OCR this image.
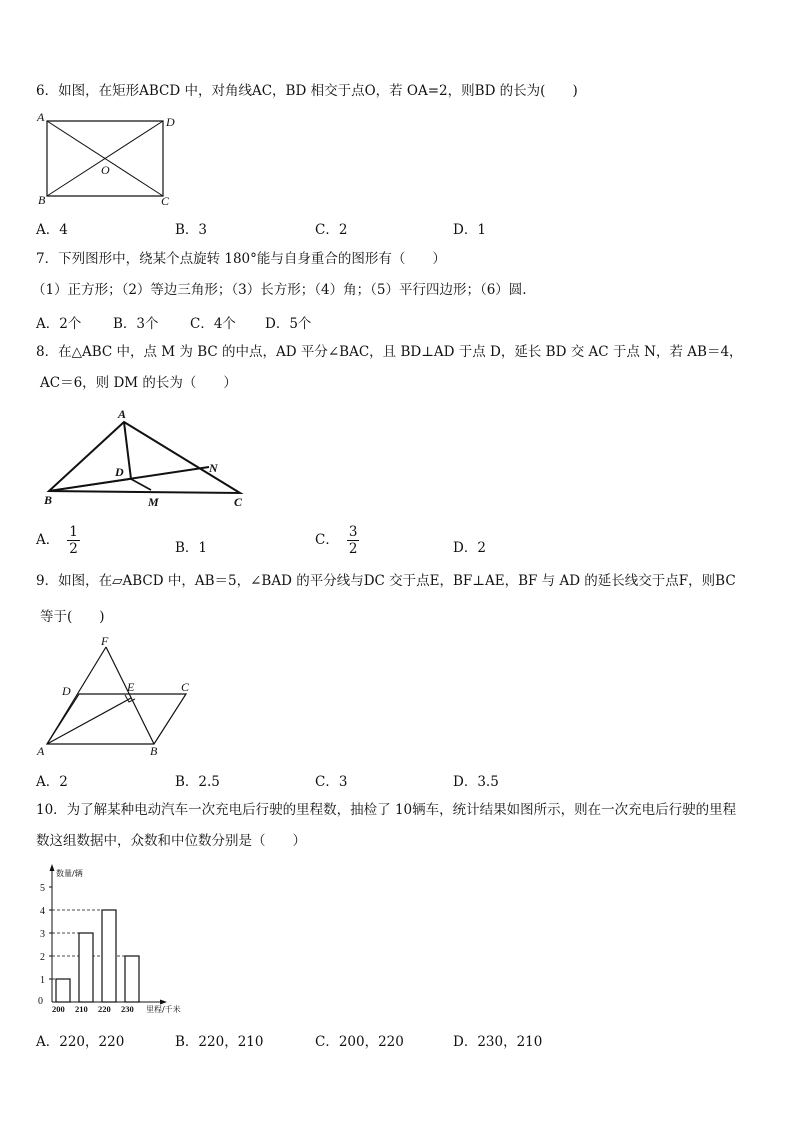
6．如图，在矩形ABCD 中，对角线AC，BD 相交于点O，若 OA=2，则BD 的长为(　　)
A	D
B	C
O
A．4	B．3	C．2	D．1
7．下列图形中，绕某个点旋转 180°能与自身重合的图形有（　　）
（1）正方形；（2）等边三角形；（3）长方形；（4）角；（5）平行四边形；（6）圆.
A．2个 B．3个 C．4个 D．5个
8．在△ABC 中，点 M 为 BC 的中点，AD 平分∠BAC，且 BD⊥AD 于点 D，延长 BD 交 AC 于点 N，若 AB＝4，
AC＝6，则 DM 的长为（　　）
A
B	C
D
M
N
A． $\frac{1}{2}$	B．1	C． $\frac{3}{2}$	D．2
9．如图，在▱ABCD 中，AB＝5，∠BAD 的平分线与DC 交于点E，BF⊥AE，BF 与 AD 的延长线交于点F，则BC
等于(　　)
F
D	E	C
A	B
A．2	B．2.5	C．3	D．3.5
10．为了解某种电动汽车一次充电后行驶的里程数，抽检了 10辆车，统计结果如图所示，则在一次充电后行驶的里程
数这组数据中，众数和中位数分别是（　　）
0
1
2
3
4
5
200 210 220 230
数量/辆
里程/千米
A．220，220	B．220，210	C．200，220	D．230，210
